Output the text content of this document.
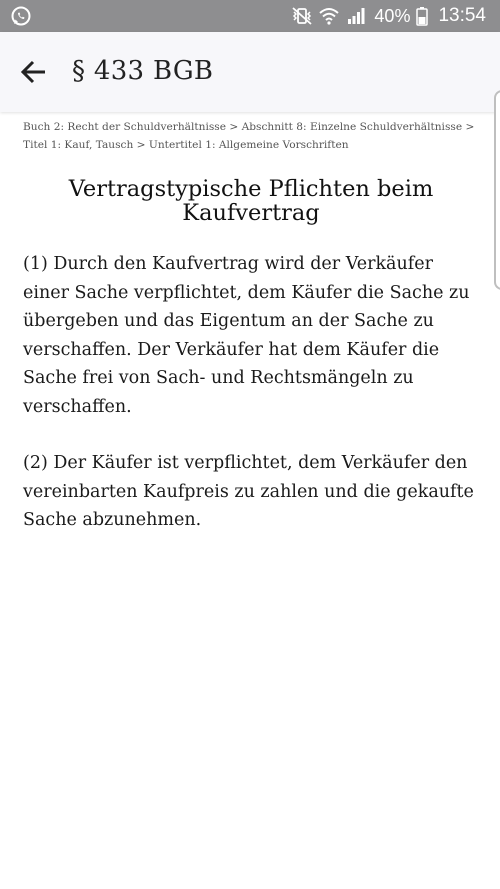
40% 13:54
§ 433 BGB
Buch 2: Recht der Schuldverhältnisse > Abschnitt 8: Einzelne Schuldverhältnisse > Titel 1: Kauf, Tausch > Untertitel 1: Allgemeine Vorschriften
Vertragstypische Pflichten beim Kaufvertrag

(1) Durch den Kaufvertrag wird der Verkäufer einer Sache verpflichtet, dem Käufer die Sache zu übergeben und das Eigentum an der Sache zu verschaffen. Der Verkäufer hat dem Käufer die Sache frei von Sach- und Rechtsmängeln zu verschaffen.

(2) Der Käufer ist verpflichtet, dem Verkäufer den vereinbarten Kaufpreis zu zahlen und die gekaufte Sache abzunehmen.
